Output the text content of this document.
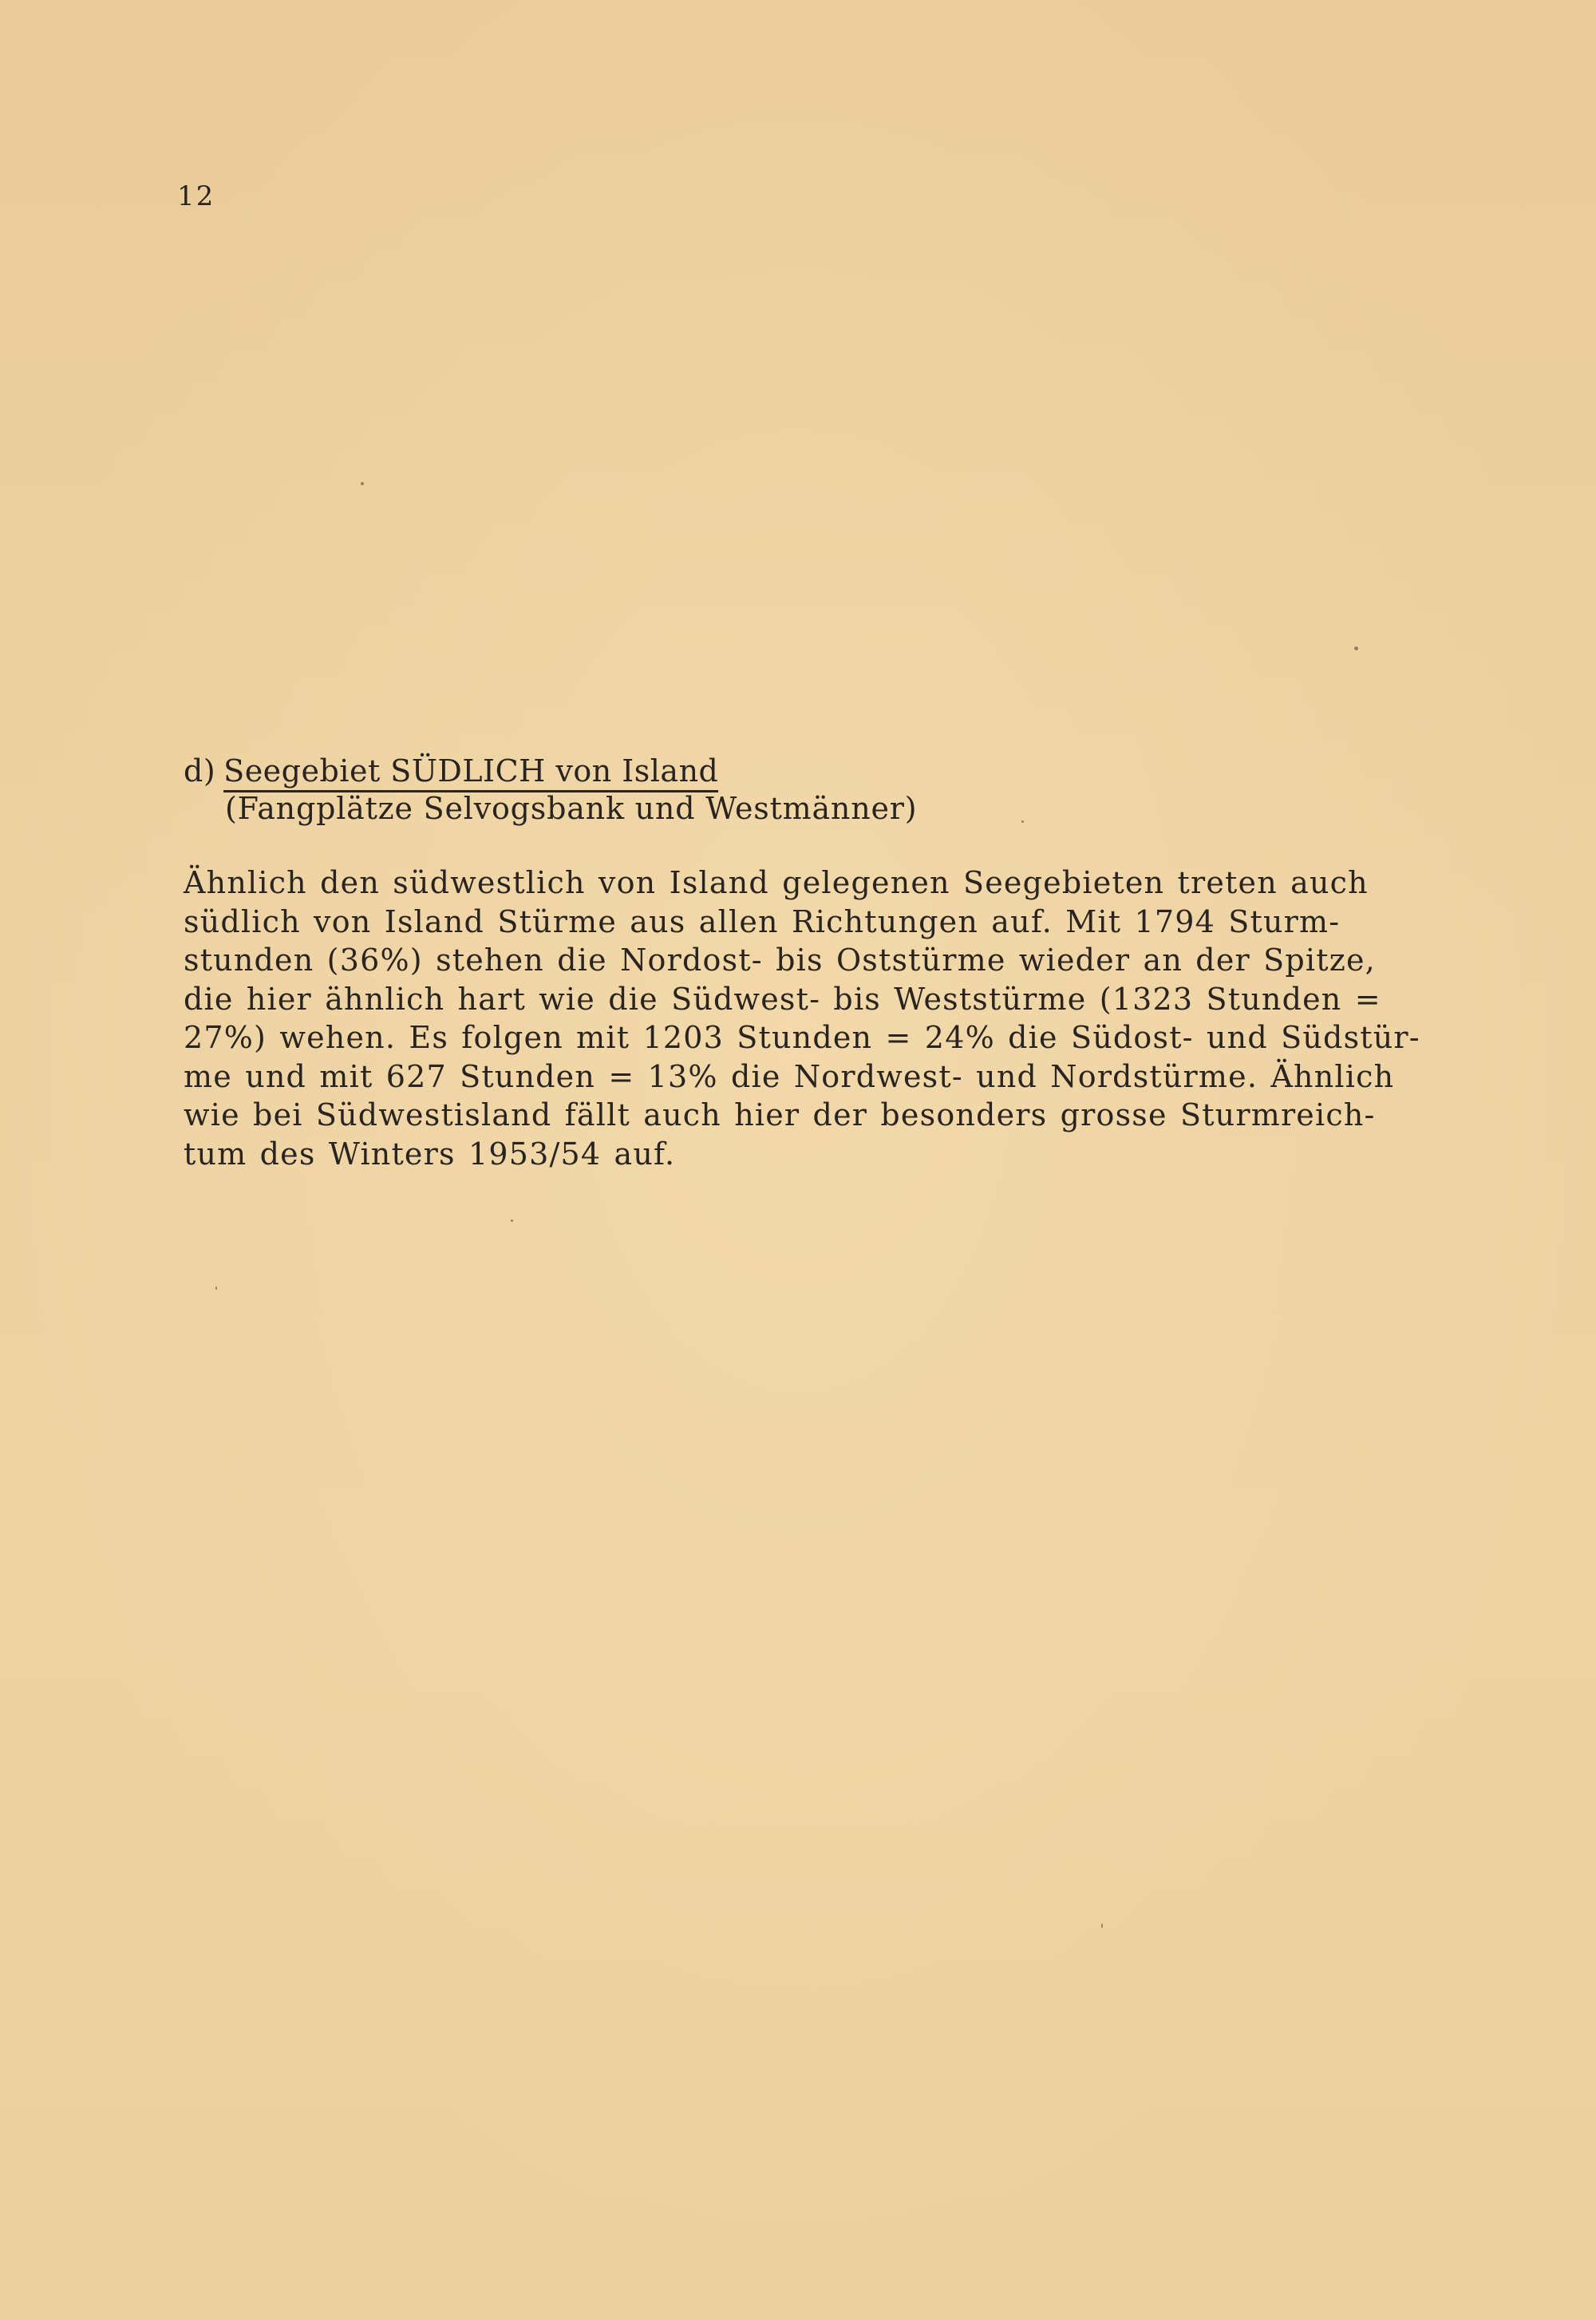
12
d) Seegebiet SÜDLICH von Island
(Fangplätze Selvogsbank und Westmänner)
Ähnlich den südwestlich von Island gelegenen Seegebieten treten auch
südlich von Island Stürme aus allen Richtungen auf. Mit 1794 Sturm-
stunden (36%) stehen die Nordost- bis Oststürme wieder an der Spitze,
die hier ähnlich hart wie die Südwest- bis Weststürme (1323 Stunden =
27%) wehen. Es folgen mit 1203 Stunden = 24% die Südost- und Südstür-
me und mit 627 Stunden = 13% die Nordwest- und Nordstürme. Ähnlich
wie bei Südwestisland fällt auch hier der besonders grosse Sturmreich-
tum des Winters 1953/54 auf.
